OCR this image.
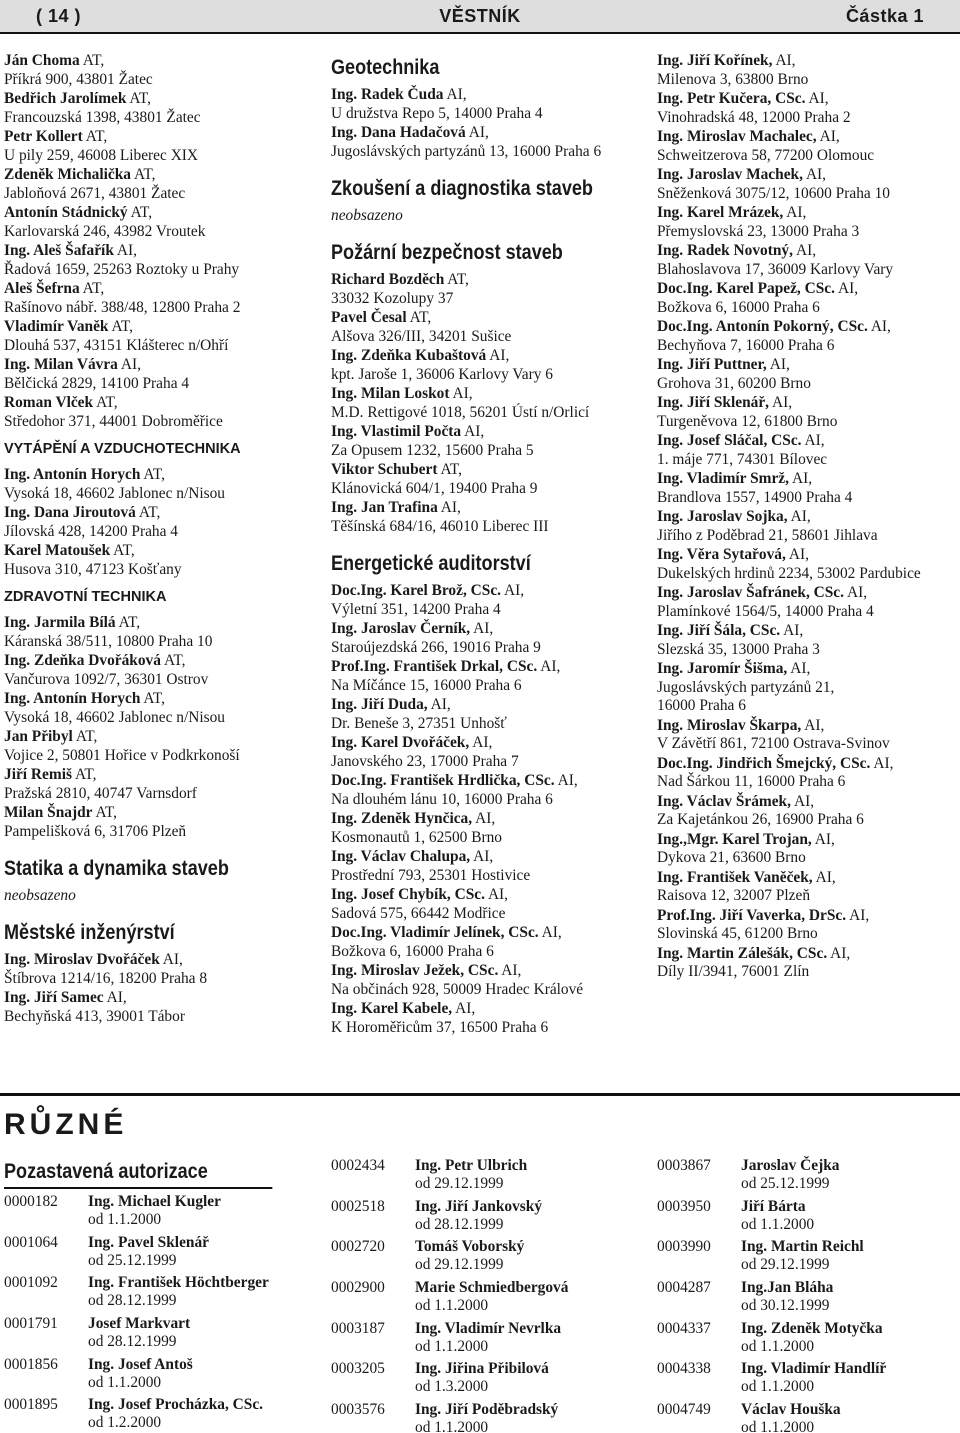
( 14 )	VĚSTNÍK	Částka 1
Ján Choma AT,
Příkrá 900, 43801 Žatec
Bedřich Jarolímek AT,
Francouzská 1398, 43801 Žatec
Petr Kollert AT,
U pily 259, 46008 Liberec XIX
Zdeněk Michalička AT,
Jabloňová 2671, 43801 Žatec
Antonín Stádnický AT,
Karlovarská 246, 43982 Vroutek
Ing. Aleš Šafařík AI,
Řadová 1659, 25263 Roztoky u Prahy
Aleš Šefrna AT,
Rašínovo nábř. 388/48, 12800 Praha 2
Vladimír Vaněk AT,
Dlouhá 537, 43151 Klášterec n/Ohří
Ing. Milan Vávra AI,
Bělčická 2829, 14100 Praha 4
Roman Vlček AT,
Středohor 371, 44001 Dobroměřice
VYTÁPĚNÍ A VZDUCHOTECHNIKA
Ing. Antonín Horych AT,
Vysoká 18, 46602 Jablonec n/Nisou
Ing. Dana Jiroutová AT,
Jílovská 428, 14200 Praha 4
Karel Matoušek AT,
Husova 310, 47123 Košťany
ZDRAVOTNÍ TECHNIKA
Ing. Jarmila Bílá AT,
Káranská 38/511, 10800 Praha 10
Ing. Zdeňka Dvořáková AT,
Vančurova 1092/7, 36301 Ostrov
Ing. Antonín Horych AT,
Vysoká 18, 46602 Jablonec n/Nisou
Jan Přibyl AT,
Vojice 2, 50801 Hořice v Podkrkonoší
Jiří Remiš AT,
Pražská 2810, 40747 Varnsdorf
Milan Šnajdr AT,
Pampelišková 6, 31706 Plzeň
Statika a dynamika staveb
neobsazeno
Městské inženýrství
Ing. Miroslav Dvořáček AI,
Štíbrova 1214/16, 18200 Praha 8
Ing. Jiří Samec AI,
Bechyňská 413, 39001 Tábor
Geotechnika
Ing. Radek Čuda AI,
U družstva Repo 5, 14000 Praha 4
Ing. Dana Hadačová AI,
Jugoslávských partyzánů 13, 16000 Praha 6
Zkoušení a diagnostika staveb
neobsazeno
Požární bezpečnost staveb
Richard Bozděch AT,
33032 Kozolupy 37
Pavel Česal AT,
Alšova 326/III, 34201 Sušice
Ing. Zdeňka Kubaštová AI,
kpt. Jaroše 1, 36006 Karlovy Vary 6
Ing. Milan Loskot AI,
M.D. Rettigové 1018, 56201 Ústí n/Orlicí
Ing. Vlastimil Počta AI,
Za Opusem 1232, 15600 Praha 5
Viktor Schubert AT,
Klánovická 604/1, 19400 Praha 9
Ing. Jan Trafina AI,
Těšínská 684/16, 46010 Liberec III
Energetické auditorství
Doc.Ing. Karel Brož, CSc. AI,
Výletní 351, 14200 Praha 4
Ing. Jaroslav Černík, AI,
Staroújezdská 266, 19016 Praha 9
Prof.Ing. František Drkal, CSc. AI,
Na Míčánce 15, 16000 Praha 6
Ing. Jiří Duda, AI,
Dr. Beneše 3, 27351 Unhošť
Ing. Karel Dvořáček, AI,
Janovského 23, 17000 Praha 7
Doc.Ing. František Hrdlička, CSc. AI,
Na dlouhém lánu 10, 16000 Praha 6
Ing. Zdeněk Hynčica, AI,
Kosmonautů 1, 62500 Brno
Ing. Václav Chalupa, AI,
Prostřední 793, 25301 Hostivice
Ing. Josef Chybík, CSc. AI,
Sadová 575, 66442 Modřice
Doc.Ing. Vladimír Jelínek, CSc. AI,
Božkova 6, 16000 Praha 6
Ing. Miroslav Ježek, CSc. AI,
Na občinách 928, 50009 Hradec Králové
Ing. Karel Kabele, AI,
K Horoměřicům 37, 16500 Praha 6
Ing. Jiří Kořínek, AI,
Milenova 3, 63800 Brno
Ing. Petr Kučera, CSc. AI,
Vinohradská 48, 12000 Praha 2
Ing. Miroslav Machalec, AI,
Schweitzerova 58, 77200 Olomouc
Ing. Jaroslav Machek, AI,
Sněženková 3075/12, 10600 Praha 10
Ing. Karel Mrázek, AI,
Přemyslovská 23, 13000 Praha 3
Ing. Radek Novotný, AI,
Blahoslavova 17, 36009 Karlovy Vary
Doc.Ing. Karel Papež, CSc. AI,
Božkova 6, 16000 Praha 6
Doc.Ing. Antonín Pokorný, CSc. AI,
Bechyňova 7, 16000 Praha 6
Ing. Jiří Puttner, AI,
Grohova 31, 60200 Brno
Ing. Jiří Sklenář, AI,
Turgeněvova 12, 61800 Brno
Ing. Josef Sláčal, CSc. AI,
1. máje 771, 74301 Bílovec
Ing. Vladimír Smrž, AI,
Brandlova 1557, 14900 Praha 4
Ing. Jaroslav Sojka, AI,
Jiřího z Poděbrad 21, 58601 Jihlava
Ing. Věra Sytařová, AI,
Dukelských hrdinů 2234, 53002 Pardubice
Ing. Jaroslav Šafránek, CSc. AI,
Plamínkové 1564/5, 14000 Praha 4
Ing. Jiří Šála, CSc. AI,
Slezská 35, 13000 Praha 3
Ing. Jaromír Šišma, AI,
Jugoslávských partyzánů 21,
16000 Praha 6
Ing. Miroslav Škarpa, AI,
V Závětří 861, 72100 Ostrava-Svinov
Doc.Ing. Jindřich Šmejcký, CSc. AI,
Nad Šárkou 11, 16000 Praha 6
Ing. Václav Šrámek, AI,
Za Kajetánkou 26, 16900 Praha 6
Ing.,Mgr. Karel Trojan, AI,
Dykova 21, 63600 Brno
Ing. František Vaněček, AI,
Raisova 12, 32007 Plzeň
Prof.Ing. Jiří Vaverka, DrSc. AI,
Slovinská 45, 61200 Brno
Ing. Martin Zálešák, CSc. AI,
Díly II/3941, 76001 Zlín
RŮZNÉ
Pozastavená autorizace
0000182	Ing. Michael Kugler
od 1.1.2000
0001064	Ing. Pavel Sklenář
od 25.12.1999
0001092	Ing. František Höchtberger
od 28.12.1999
0001791	Josef Markvart
od 28.12.1999
0001856	Ing. Josef Antoš
od 1.1.2000
0001895	Ing. Josef Procházka, CSc.
od 1.2.2000
0002434	Ing. Petr Ulbrich
od 29.12.1999
0002518	Ing. Jiří Jankovský
od 28.12.1999
0002720	Tomáš Voborský
od 29.12.1999
0002900	Marie Schmiedbergová
od 1.1.2000
0003187	Ing. Vladimír Nevrlka
od 1.1.2000
0003205	Ing. Jiřina Přibilová
od 1.3.2000
0003576	Ing. Jiří Poděbradský
od 1.1.2000
0003867	Jaroslav Čejka
od 25.12.1999
0003950	Jiří Bárta
od 1.1.2000
0003990	Ing. Martin Reichl
od 29.12.1999
0004287	Ing.Jan Bláha
od 30.12.1999
0004337	Ing. Zdeněk Motyčka
od 1.1.2000
0004338	Ing. Vladimír Handlíř
od 1.1.2000
0004749	Václav Houška
od 1.1.2000
